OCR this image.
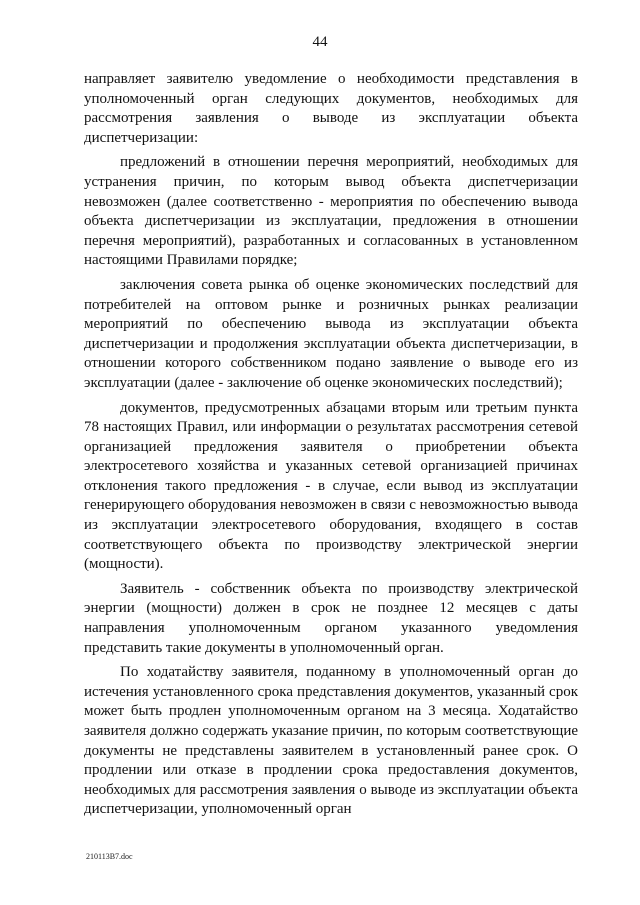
44

направляет заявителю уведомление о необходимости представления в уполномоченный орган следующих документов, необходимых для рассмотрения заявления о выводе из эксплуатации объекта диспетчеризации:

предложений в отношении перечня мероприятий, необходимых для устранения причин, по которым вывод объекта диспетчеризации невозможен (далее соответственно - мероприятия по обеспечению вывода объекта диспетчеризации из эксплуатации, предложения в отношении перечня мероприятий), разработанных и согласованных в установленном настоящими Правилами порядке;

заключения совета рынка об оценке экономических последствий для потребителей на оптовом рынке и розничных рынках реализации мероприятий по обеспечению вывода из эксплуатации объекта диспетчеризации и продолжения эксплуатации объекта диспетчеризации, в отношении которого собственником подано заявление о выводе его из эксплуатации (далее - заключение об оценке экономических последствий);

документов, предусмотренных абзацами вторым или третьим пункта 78 настоящих Правил, или информации о результатах рассмотрения сетевой организацией предложения заявителя о приобретении объекта электросетевого хозяйства и указанных сетевой организацией причинах отклонения такого предложения - в случае, если вывод из эксплуатации генерирующего оборудования невозможен в связи с невозможностью вывода из эксплуатации электросетевого оборудования, входящего в состав соответствующего объекта по производству электрической энергии (мощности).

Заявитель - собственник объекта по производству электрической энергии (мощности) должен в срок не позднее 12 месяцев с даты направления уполномоченным органом указанного уведомления представить такие документы в уполномоченный орган.

По ходатайству заявителя, поданному в уполномоченный орган до истечения установленного срока представления документов, указанный срок может быть продлен уполномоченным органом на 3 месяца. Ходатайство заявителя должно содержать указание причин, по которым соответствующие документы не представлены заявителем в установленный ранее срок. О продлении или отказе в продлении срока предоставления документов, необходимых для рассмотрения заявления о выводе из эксплуатации объекта диспетчеризации, уполномоченный орган

210113B7.doc
